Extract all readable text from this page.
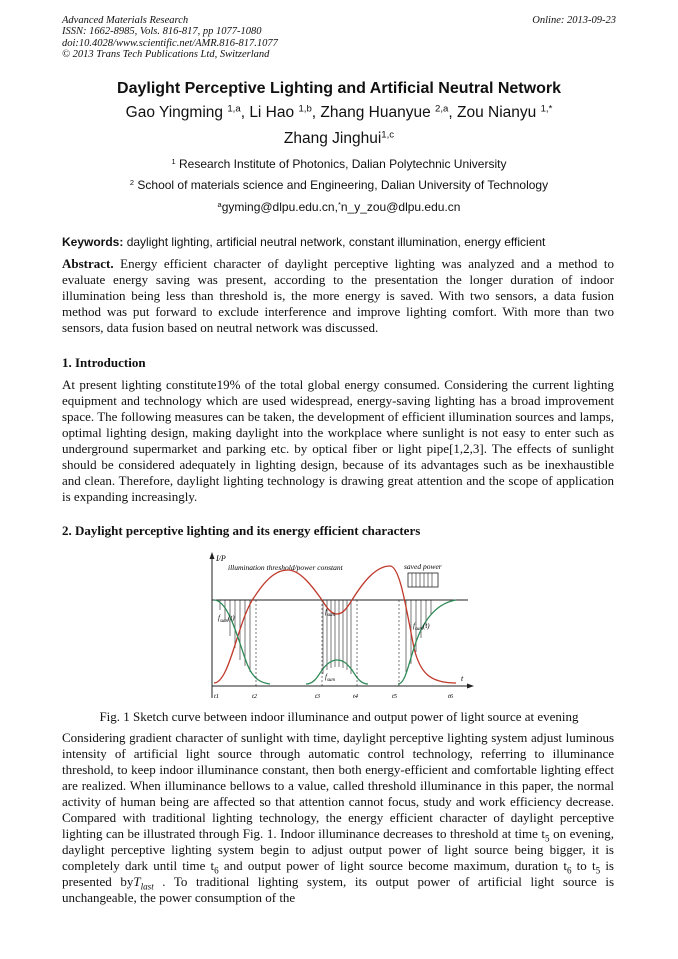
Advanced Materials Research
ISSN: 1662-8985, Vols. 816-817, pp 1077-1080
doi:10.4028/www.scientific.net/AMR.816-817.1077
© 2013 Trans Tech Publications Ltd, Switzerland
Online: 2013-09-23
Daylight Perceptive Lighting and Artificial Neutral Network
Gao Yingming $^{1,a}$, Li Hao $^{1,b}$, Zhang Huanyue $^{2,a}$, Zou Nianyu $^{1,*}$
Zhang Jinghui$^{1,c}$
$^1$ Research Institute of Photonics, Dalian Polytechnic University
$^2$ School of materials science and Engineering, Dalian University of Technology
$^a$gyming@dlpu.edu.cn,*n_y_zou@dlpu.edu.cn
Keywords: daylight lighting, artificial neutral network, constant illumination, energy efficient

Abstract. Energy efficient character of daylight perceptive lighting was analyzed and a method to evaluate energy saving was present, according to the presentation the longer duration of indoor illumination being less than threshold is, the more energy is saved. With two sensors, a data fusion method was put forward to exclude interference and improve lighting comfort. With more than two sensors, data fusion based on neutral network was discussed.

1. Introduction

At present lighting constitute19% of the total global energy consumed. Considering the current lighting equipment and technology which are used widespread, energy-saving lighting has a broad improvement space. The following measures can be taken, the development of efficient illumination sources and lamps, optimal lighting design, making daylight into the workplace where sunlight is not easy to enter such as underground supermarket and parking etc. by optical fiber or light pipe[1,2,3]. The effects of sunlight should be considered adequately in lighting design, because of its advantages such as be inexhaustible and clean. Therefore, daylight lighting technology is drawing great attention and the scope of application is expanding increasingly.

2. Daylight perceptive lighting and its energy efficient characters
I/P
t
illumination threshold/power constant	saved power
$f_{sum}(t)$
$f_{sum}$
$f_{sum}(t)$
$f_{sum}$
t1	t2	t3	t4	t5	t6
Fig. 1 Sketch curve between indoor illuminance and output power of light source at evening

Considering gradient character of sunlight with time, daylight perceptive lighting system adjust luminous intensity of artificial light source through automatic control technology, referring to illuminance threshold, to keep indoor illuminance constant, then both energy-efficient and comfortable lighting effect are realized. When illuminance bellows to a value, called threshold illuminance in this paper, the normal activity of human being are affected so that attention cannot focus, study and work efficiency decrease. Compared with traditional lighting technology, the energy efficient character of daylight perceptive lighting can be illustrated through Fig. 1. Indoor illuminance decreases to threshold at time $t_5$ on evening, daylight perceptive lighting system begin to adjust output power of light source being bigger, it is completely dark until time $t_6$ and output power of light source become maximum, duration $t_6$ to $t_5$ is presented byT$_{last}$ . To traditional lighting system, its output power of artificial light source is unchangeable, the power consumption of the
